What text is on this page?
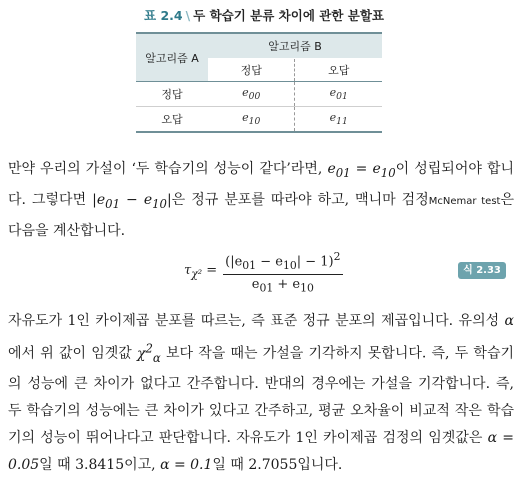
표 2.4 \ 두 학습기 분류 차이에 관한 분할표
알고리즘 A	알고리즘 B	
	정답	오답
정답	$e_{00}$	$e_{01}$
오답	$e_{10}$	$e_{11}$
만약 우리의 가설이 ‘두 학습기의 성능이 같다’라면, $e_{01} = e_{10}$이 성립되어야 합니다. 그렇다면 $|e_{01} - e_{10}|$은 정규 분포를 따라야 하고, 맥니마 검정McNemar test은 다음을 계산합니다.
$\tau_{\chi^2} = \frac{(|e_{01} - e_{10}| - 1)^2}{e_{01} + e_{10}}$	식 2.33
자유도가 1인 카이제곱 분포를 따르는, 즉 표준 정규 분포의 제곱입니다. 유의성 α에서 위 값이 임곗값 $\chi^2_\alpha$ 보다 작을 때는 가설을 기각하지 못합니다. 즉, 두 학습기의 성능에 큰 차이가 없다고 간주합니다. 반대의 경우에는 가설을 기각합니다. 즉, 두 학습기의 성능에는 큰 차이가 있다고 간주하고, 평균 오차율이 비교적 작은 학습기의 성능이 뛰어나다고 판단합니다. 자유도가 1인 카이제곱 검정의 임곗값은 α = 0.05일 때 3.8415이고, α = 0.1일 때 2.7055입니다.
